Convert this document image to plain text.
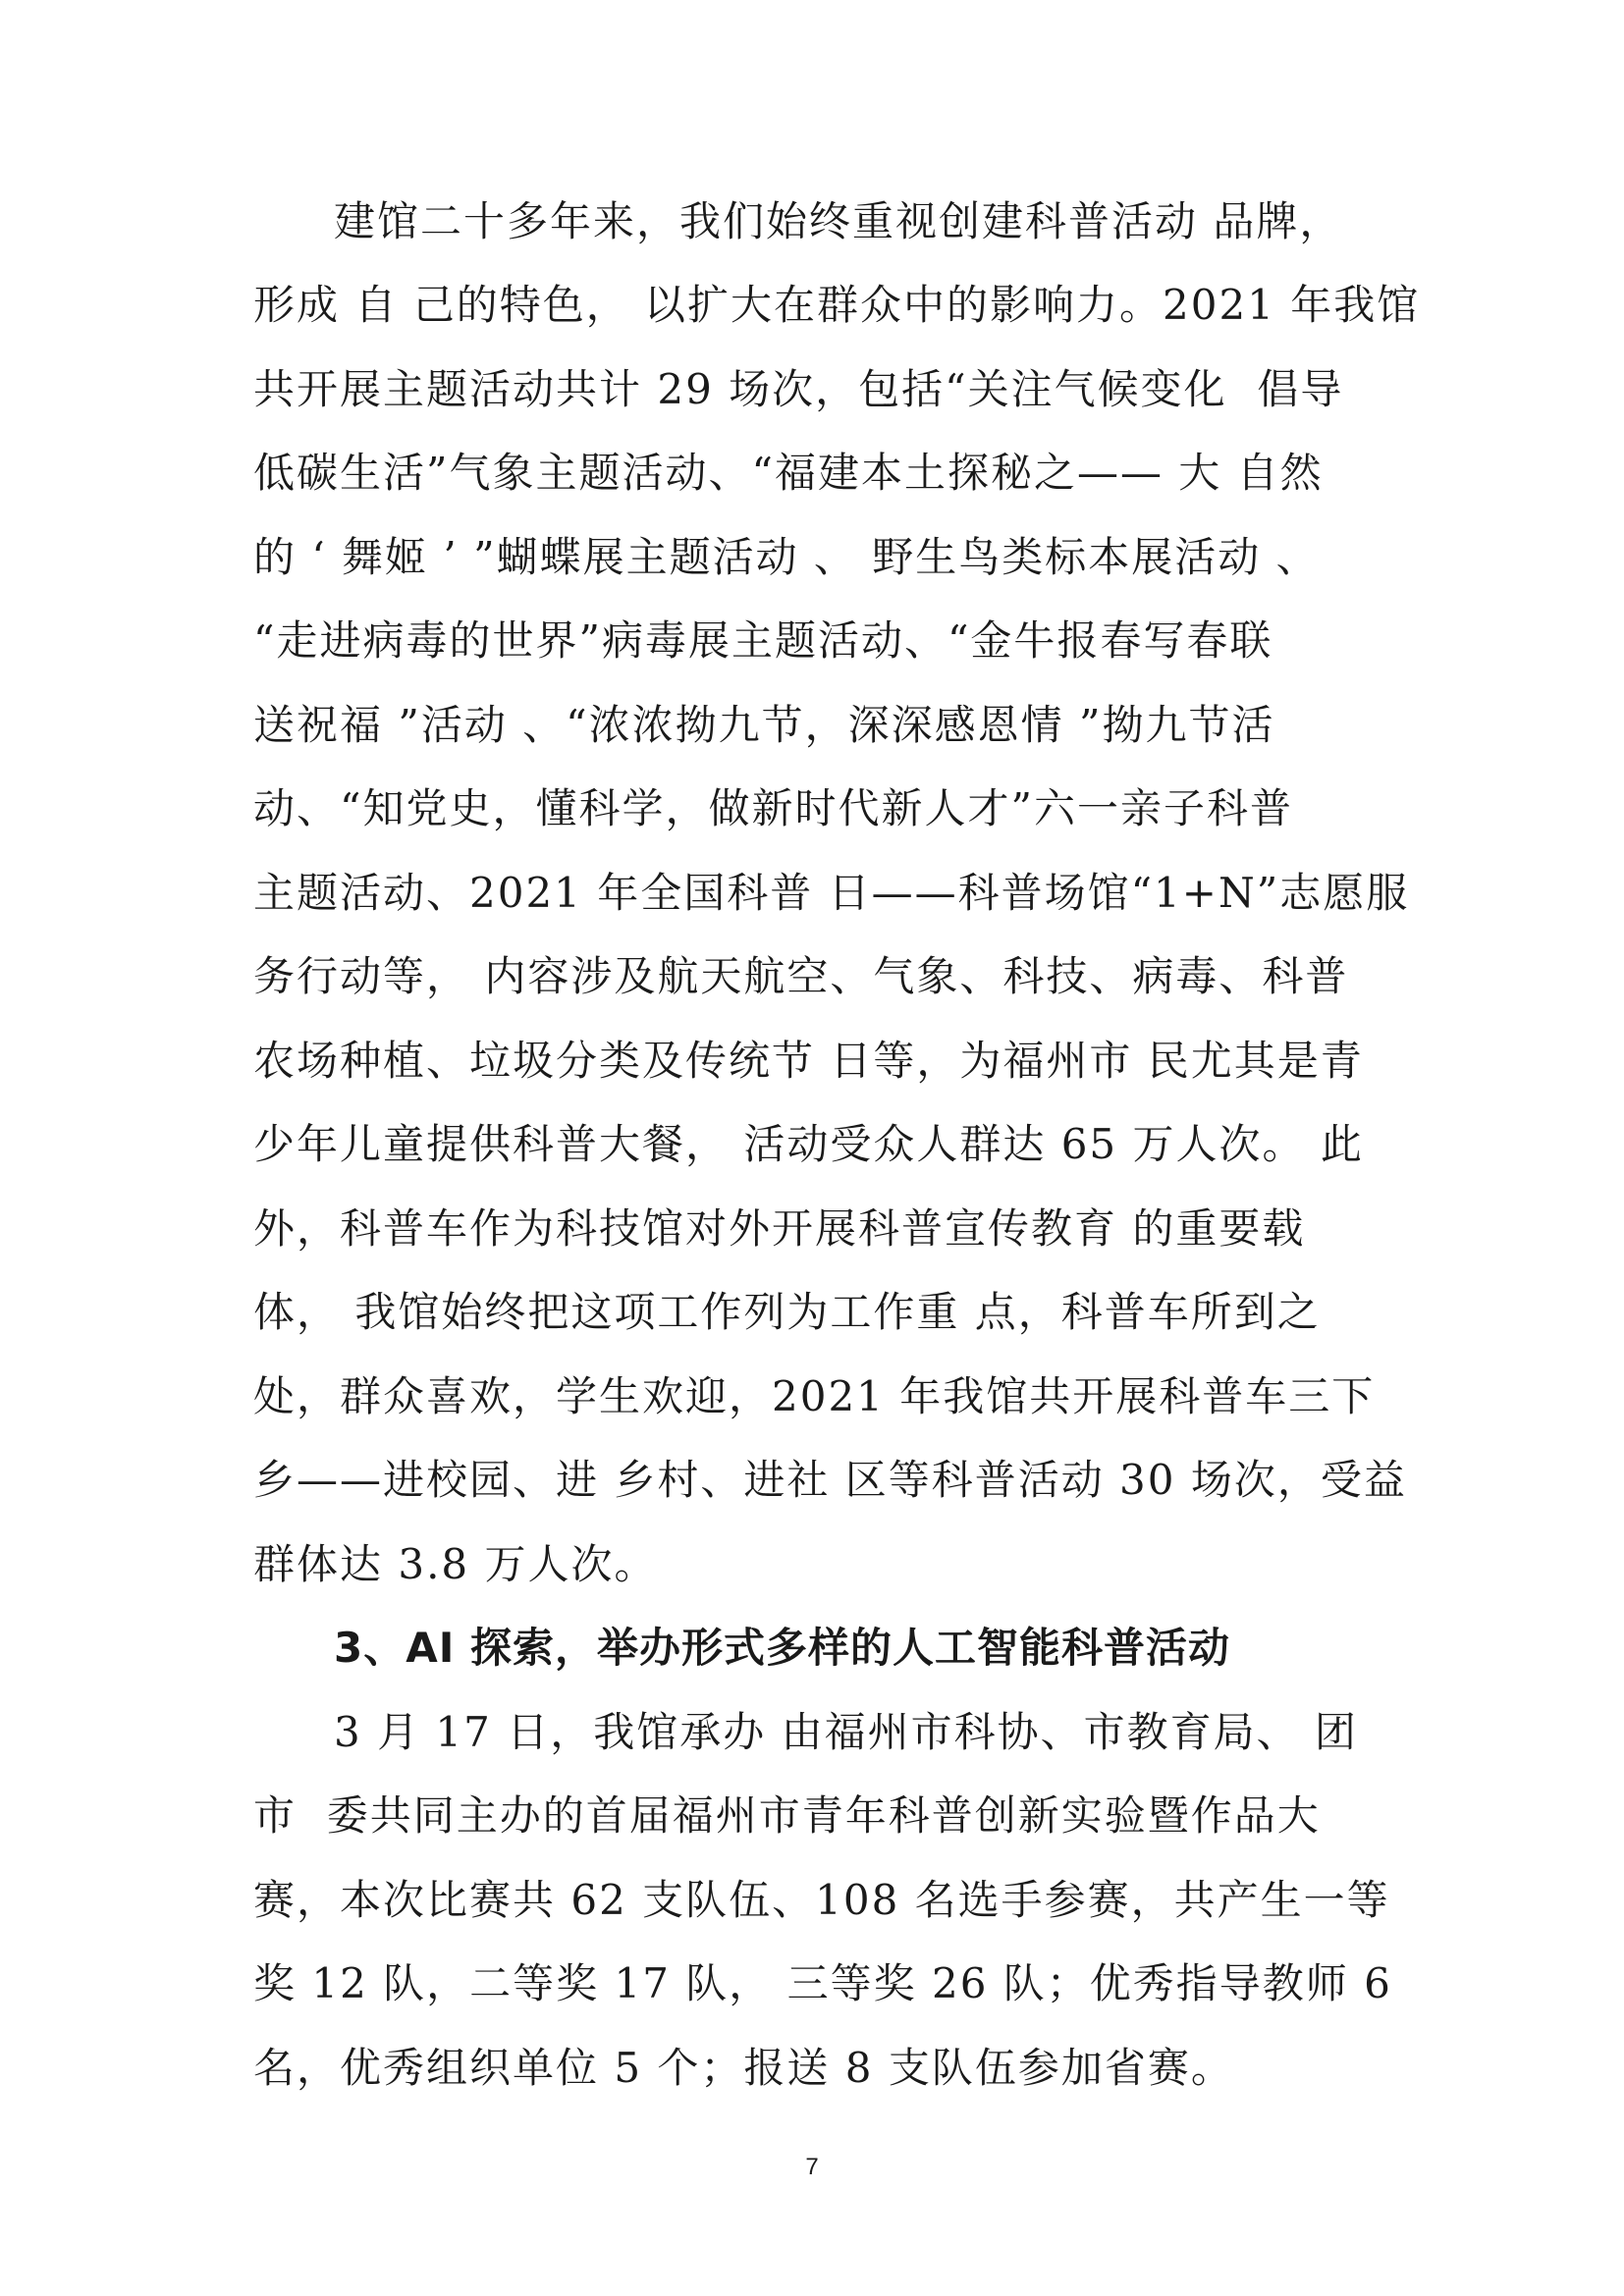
建馆二十多年来，我们始终重视创建科普活动 品牌，
形成 自 己的特色， 以扩大在群众中的影响力。2021 年我馆
共开展主题活动共计 29 场次，包括“关注气候变化  倡导
低碳生活”气象主题活动、“福建本土探秘之—— 大 自然
的 ‘ 舞姬 ’ ”蝴蝶展主题活动 、 野生鸟类标本展活动 、
“走进病毒的世界”病毒展主题活动、“金牛报春写春联
送祝福 ”活动 、“浓浓拗九节，深深感恩情 ”拗九节活
动、“知党史，懂科学，做新时代新人才”六一亲子科普
主题活动、2021 年全国科普 日——科普场馆“1+N”志愿服
务行动等， 内容涉及航天航空、气象、科技、病毒、科普
农场种植、垃圾分类及传统节 日等，为福州市 民尤其是青
少年儿童提供科普大餐， 活动受众人群达 65 万人次。 此
外，科普车作为科技馆对外开展科普宣传教育 的重要载
体， 我馆始终把这项工作列为工作重 点，科普车所到之
处，群众喜欢，学生欢迎，2021 年我馆共开展科普车三下
乡——进校园、进 乡村、进社 区等科普活动 30 场次，受益
群体达 3.8 万人次。
3、AI 探索，举办形式多样的人工智能科普活动
3 月 17 日，我馆承办 由福州市科协、市教育局、 团
市  委共同主办的首届福州市青年科普创新实验暨作品大
赛，本次比赛共 62 支队伍、108 名选手参赛，共产生一等
奖 12 队，二等奖 17 队， 三等奖 26 队；优秀指导教师 6
名，优秀组织单位 5 个；报送 8 支队伍参加省赛。
7
